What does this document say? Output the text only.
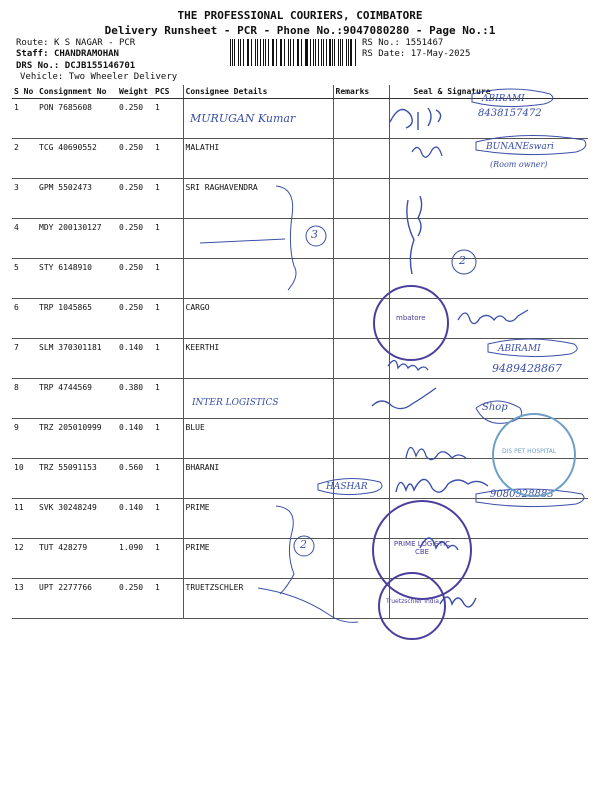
THE PROFESSIONAL COURIERS, COIMBATORE
Delivery Runsheet - PCR - Phone No.:9047080280 - Page No.:1
Route: K S NAGAR - PCR
Staff: CHANDRAMOHAN
DRS No.: DCJB155146701
Vehicle: Two Wheeler Delivery
RS No.: 1551467
RS Date: 17-May-2025
S No	Consignment No	Weight	PCS	Consignee Details	Remarks	Seal & Signature
1	PON 7685608	0.250	1			
2	TCG 40690552	0.250	1	MALATHI		
3	GPM 5502473	0.250	1	SRI RAGHAVENDRA		
4	MDY 200130127	0.250	1			
5	STY 6148910	0.250	1			
6	TRP 1045865	0.250	1	CARGO		
7	SLM 370301181	0.140	1	KEERTHI		
8	TRP 4744569	0.380	1			
9	TRZ 205010999	0.140	1	BLUE		
10	TRZ 55091153	0.560	1	BHARANI		
11	SVK 30248249	0.140	1	PRIME		
12	TUT 428279	1.090	1	PRIME		
13	UPT 2277766	0.250	1	TRUETZSCHLER		
MURUGAN Kumar
ABIRAMI
8438157472
BUNANEswari
(Room owner)
3
2
ABIRAMI
9489428867
INTER LOGISTICS	Shop
HASHAR
9080928883
2
mbatore
DIS PET HOSPITAL
PRIME LOGISTIC CBE
Truetzschler India
